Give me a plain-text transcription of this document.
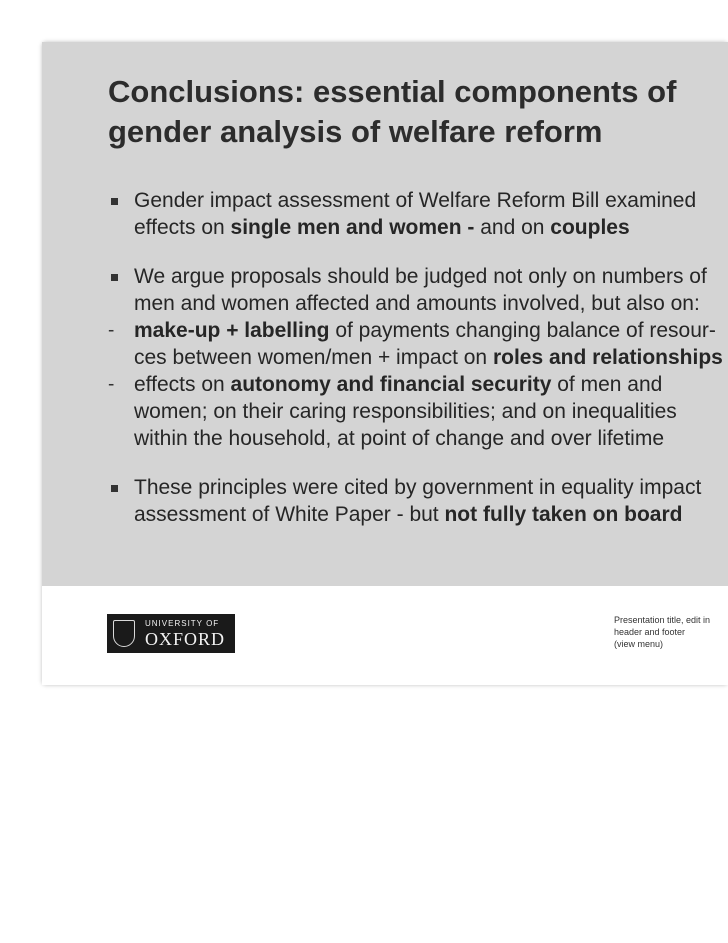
Conclusions: essential components of
gender analysis of welfare reform
Gender impact assessment of Welfare Reform Bill examined
effects on single men and women - and on couples
We argue proposals should be judged not only on numbers of
men and women affected and amounts involved, but also on:
- make-up + labelling of payments changing balance of resour-
ces between women/men + impact on roles and relationships
- effects on autonomy and financial security of men and
women; on their caring responsibilities; and on inequalities
within the household, at point of change and over lifetime
These principles were cited by government in equality impact
assessment of White Paper - but not fully taken on board
UNIVERSITY OF
OXFORD
Presentation title, edit in
header and footer
(view menu)
